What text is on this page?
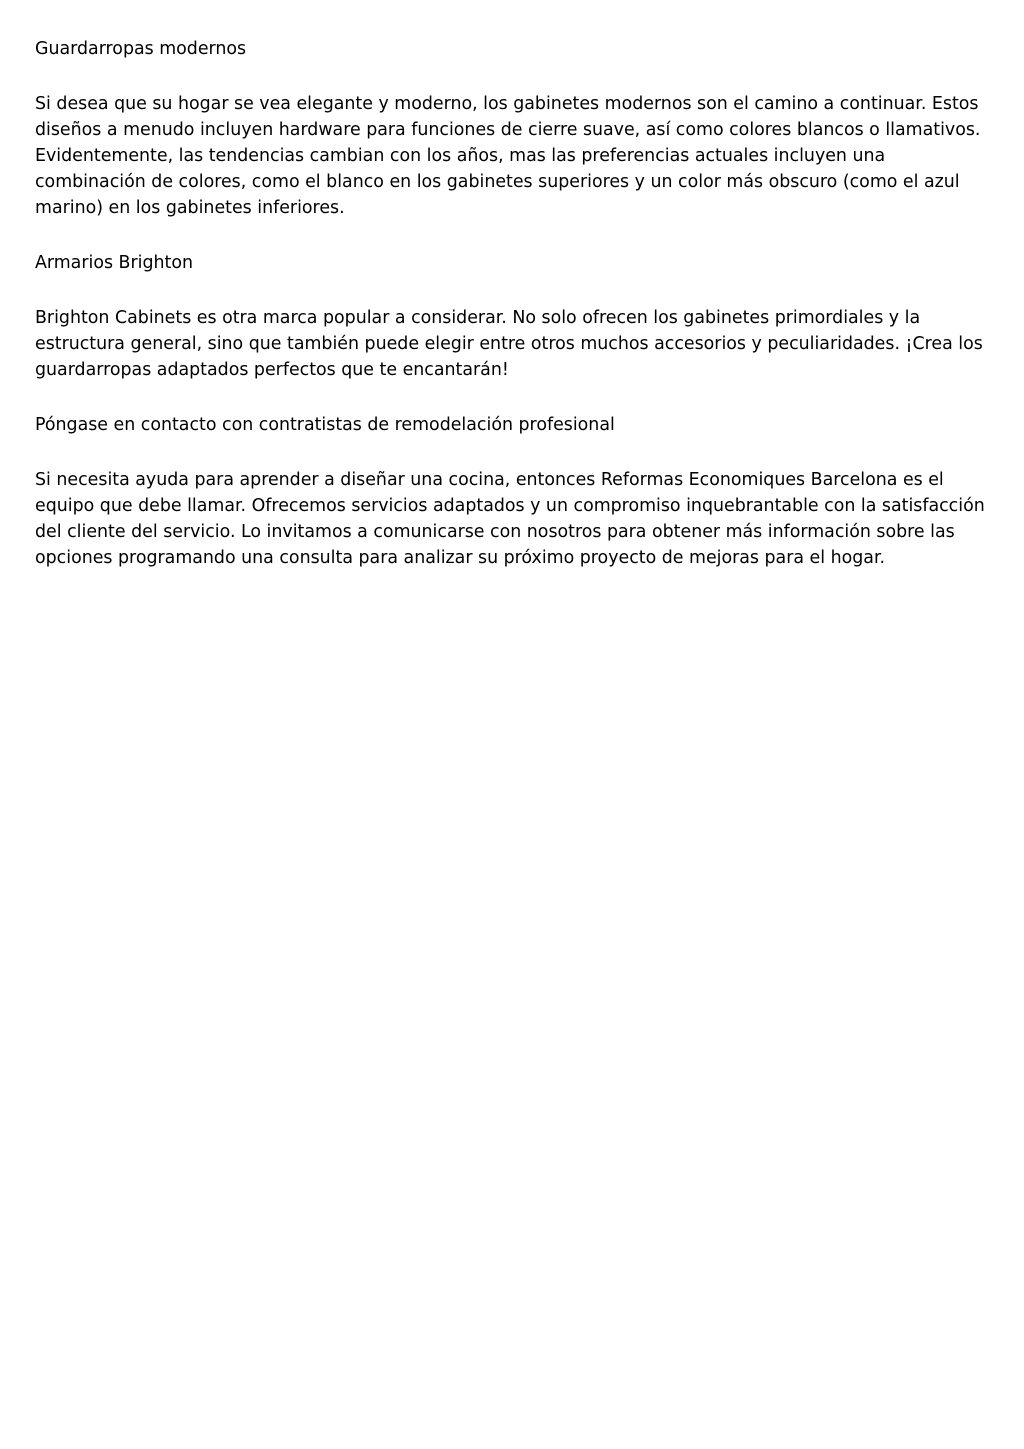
Guardarropas modernos

Si desea que su hogar se vea elegante y moderno, los gabinetes modernos son el camino a continuar. Estos diseños a menudo incluyen hardware para funciones de cierre suave, así como colores blancos o llamativos. Evidentemente, las tendencias cambian con los años, mas las preferencias actuales incluyen una combinación de colores, como el blanco en los gabinetes superiores y un color más obscuro (como el azul marino) en los gabinetes inferiores.

Armarios Brighton

Brighton Cabinets es otra marca popular a considerar. No solo ofrecen los gabinetes primordiales y la estructura general, sino que también puede elegir entre otros muchos accesorios y peculiaridades. ¡Crea los guardarropas adaptados perfectos que te encantarán!

Póngase en contacto con contratistas de remodelación profesional

Si necesita ayuda para aprender a diseñar una cocina, entonces Reformas Economiques Barcelona es el equipo que debe llamar. Ofrecemos servicios adaptados y un compromiso inquebrantable con la satisfacción del cliente del servicio. Lo invitamos a comunicarse con nosotros para obtener más información sobre las opciones programando una consulta para analizar su próximo proyecto de mejoras para el hogar.
